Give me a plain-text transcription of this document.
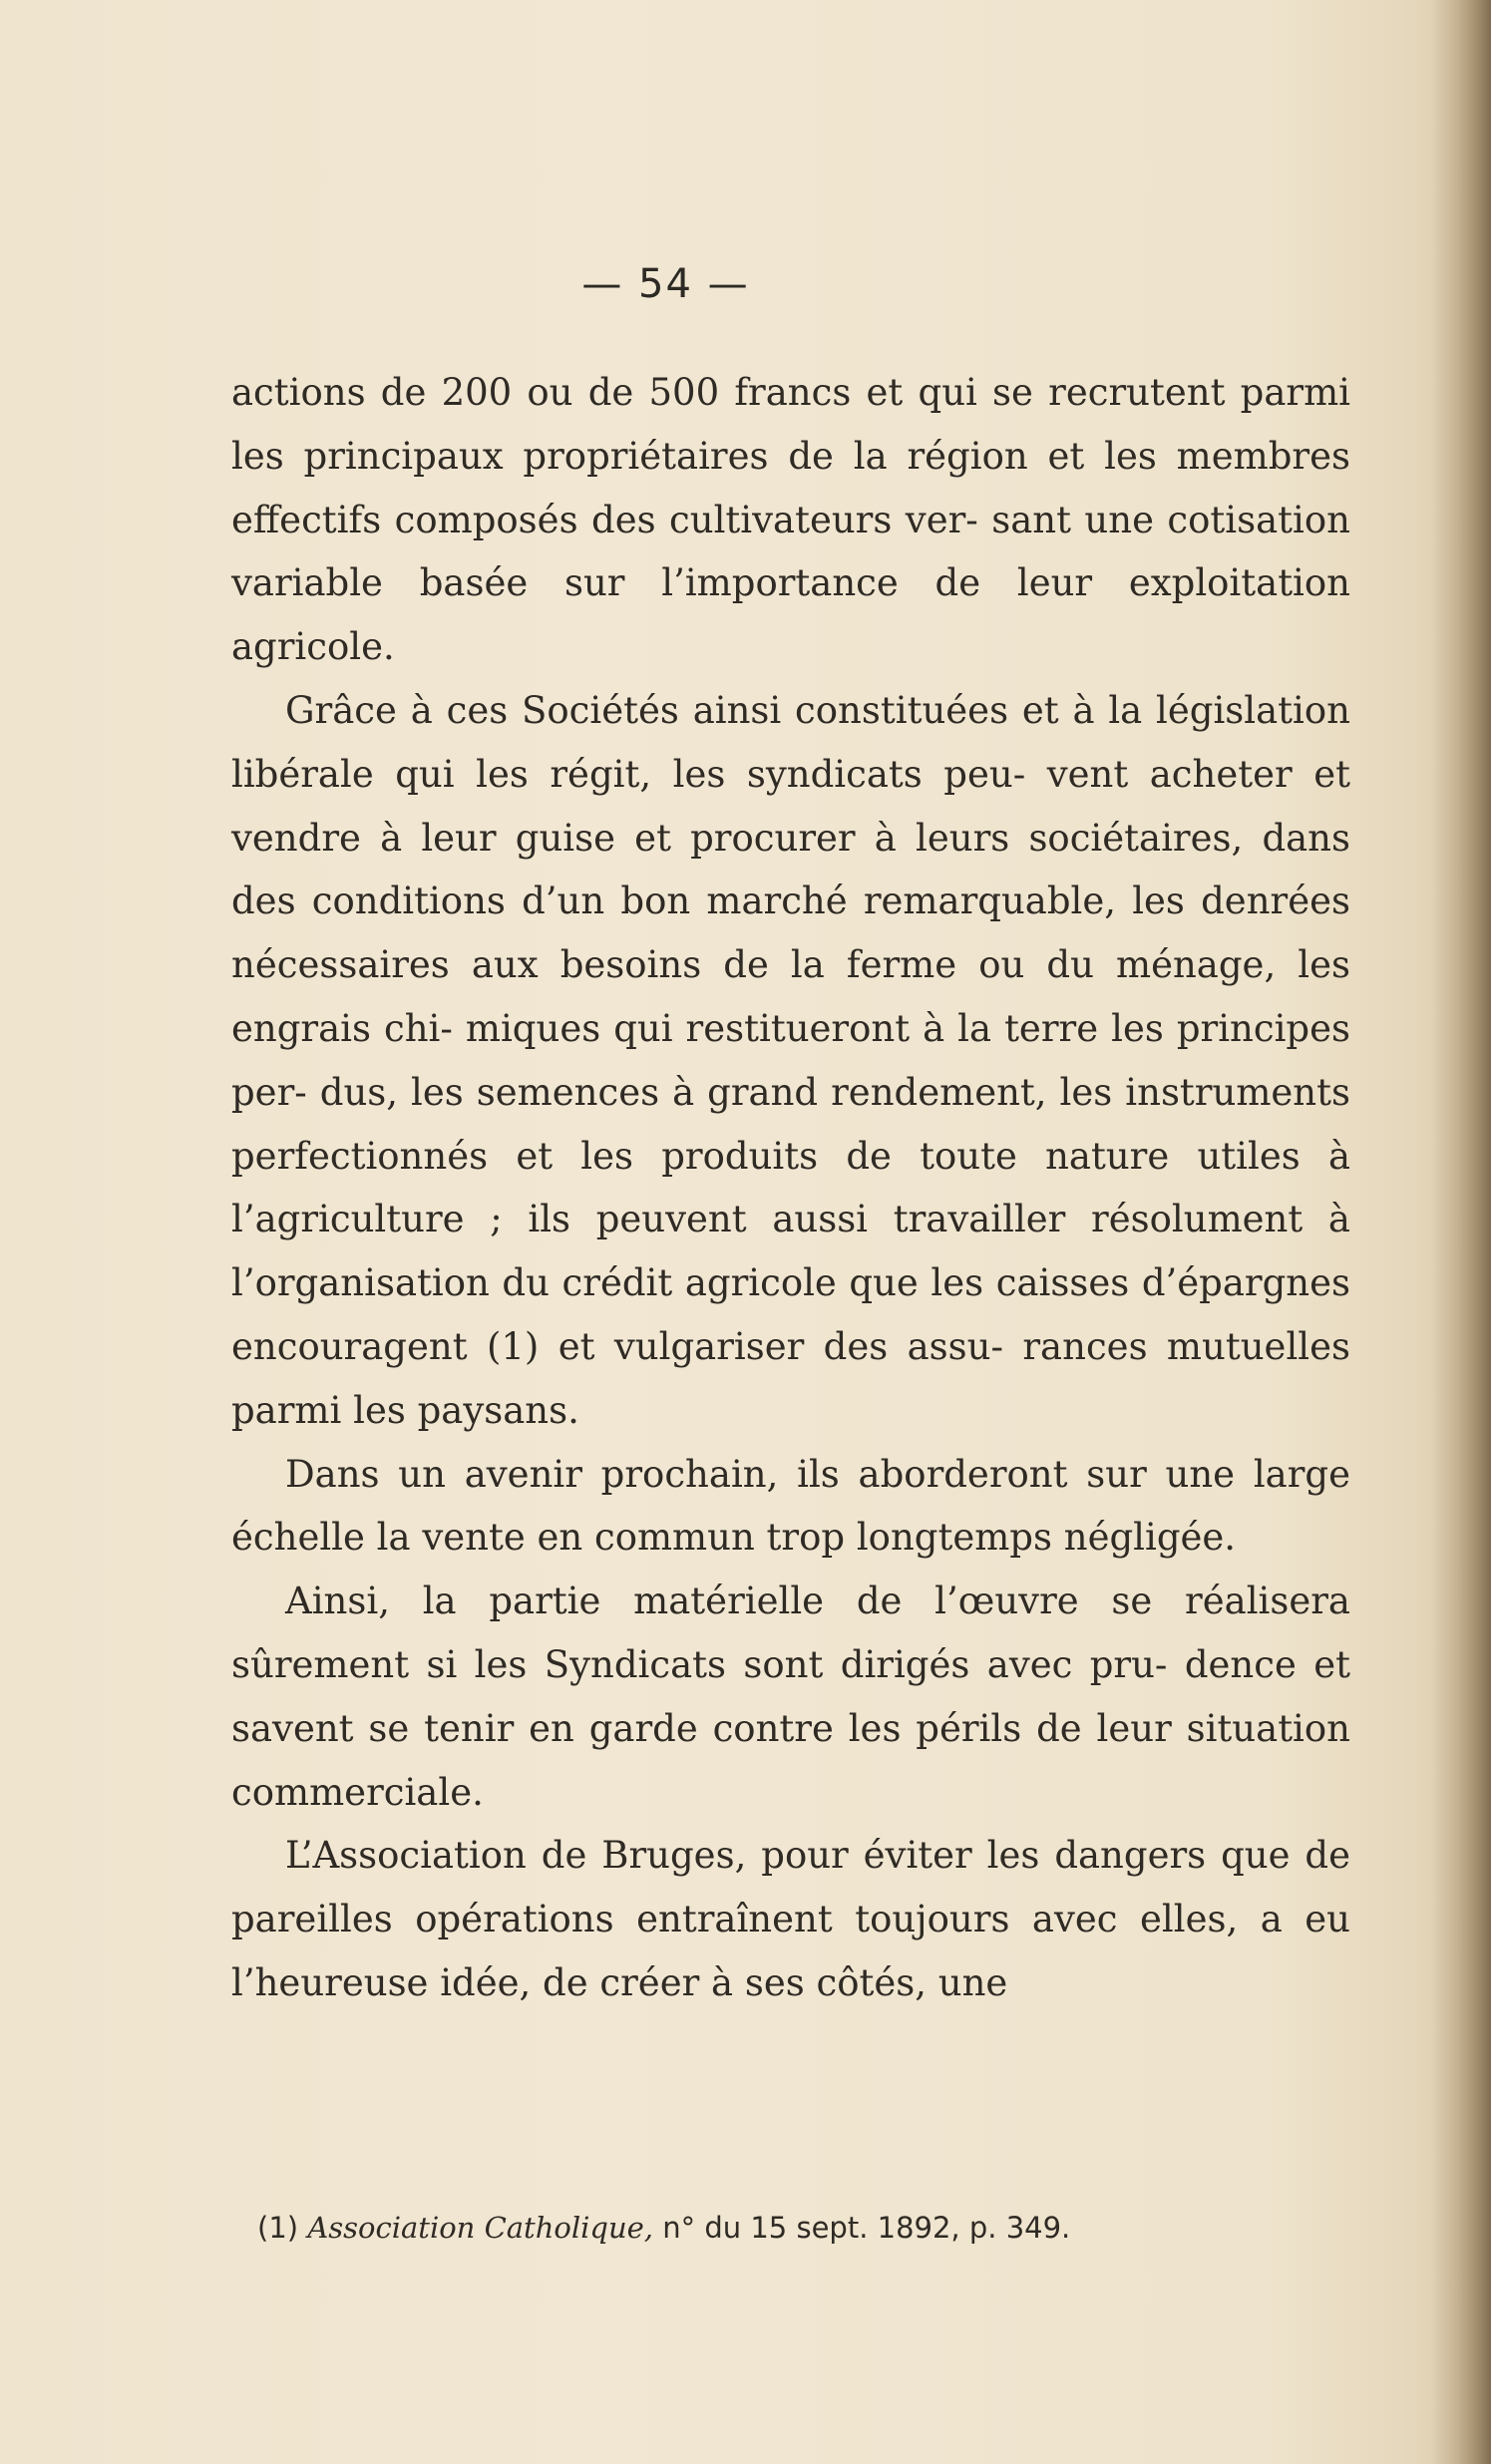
— 54 —

actions de 200 ou de 500 francs et qui se recrutent parmi les principaux propriétaires de la région et les membres effectifs composés des cultivateurs ver- sant une cotisation variable basée sur l’importance de leur exploitation agricole.

Grâce à ces Sociétés ainsi constituées et à la législation libérale qui les régit, les syndicats peu- vent acheter et vendre à leur guise et procurer à leurs sociétaires, dans des conditions d’un bon marché remarquable, les denrées nécessaires aux besoins de la ferme ou du ménage, les engrais chi- miques qui restitueront à la terre les principes per- dus, les semences à grand rendement, les instruments perfectionnés et les produits de toute nature utiles à l’agriculture ; ils peuvent aussi travailler résolument à l’organisation du crédit agricole que les caisses d’épargnes encouragent (1) et vulgariser des assu- rances mutuelles parmi les paysans.

Dans un avenir prochain, ils aborderont sur une large échelle la vente en commun trop longtemps négligée.

Ainsi, la partie matérielle de l’œuvre se réalisera sûrement si les Syndicats sont dirigés avec pru- dence et savent se tenir en garde contre les périls de leur situation commerciale.

L’Association de Bruges, pour éviter les dangers que de pareilles opérations entraînent toujours avec elles, a eu l’heureuse idée, de créer à ses côtés, une

(1) Association Catholique, n° du 15 sept. 1892, p. 349.
